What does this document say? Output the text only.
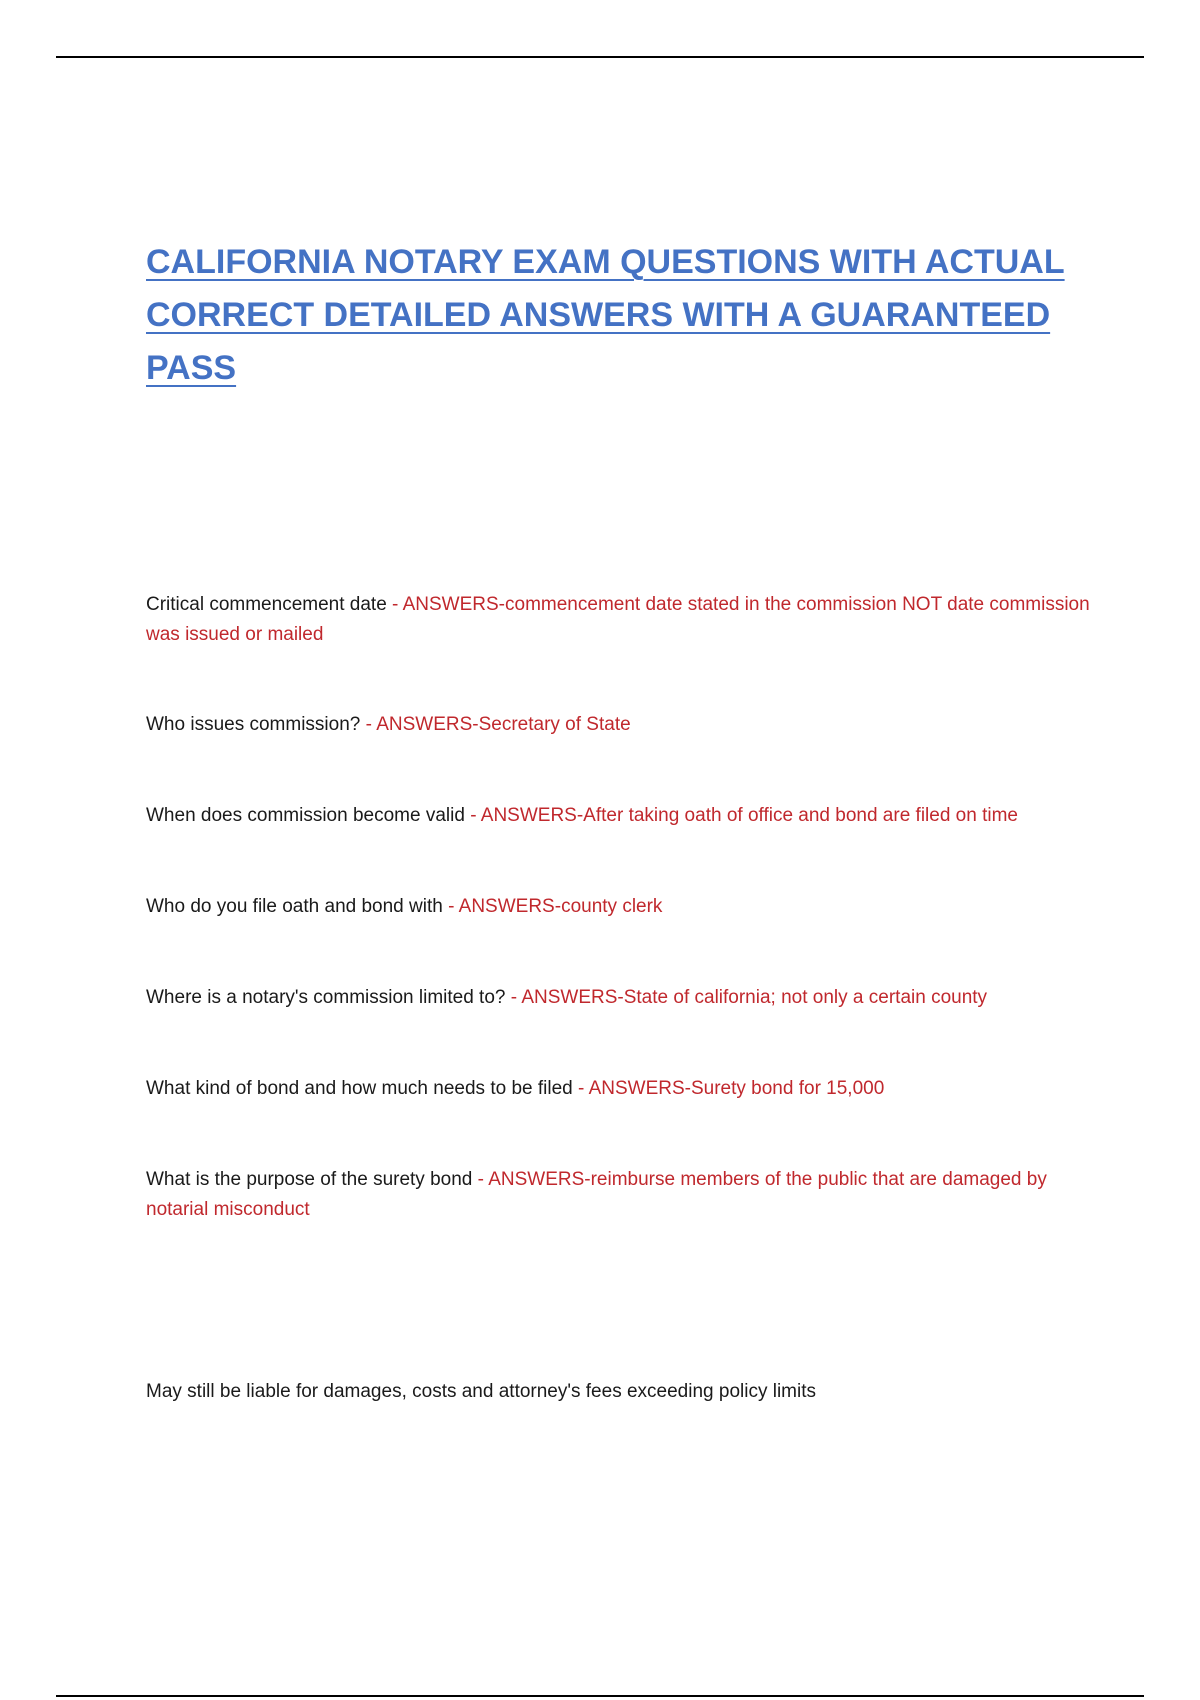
CALIFORNIA NOTARY EXAM QUESTIONS WITH ACTUAL CORRECT DETAILED ANSWERS WITH A GUARANTEED PASS
Critical commencement date - ANSWERS-commencement date stated in the commission NOT date commission was issued or mailed
Who issues commission? - ANSWERS-Secretary of State
When does commission become valid - ANSWERS-After taking oath of office and bond are filed on time
Who do you file oath and bond with - ANSWERS-county clerk
Where is a notary's commission limited to? - ANSWERS-State of california; not only a certain county
What kind of bond and how much needs to be filed - ANSWERS-Surety bond for 15,000
What is the purpose of the surety bond - ANSWERS-reimburse members of the public that are damaged by notarial misconduct
May still be liable for damages, costs and attorney's fees exceeding policy limits
